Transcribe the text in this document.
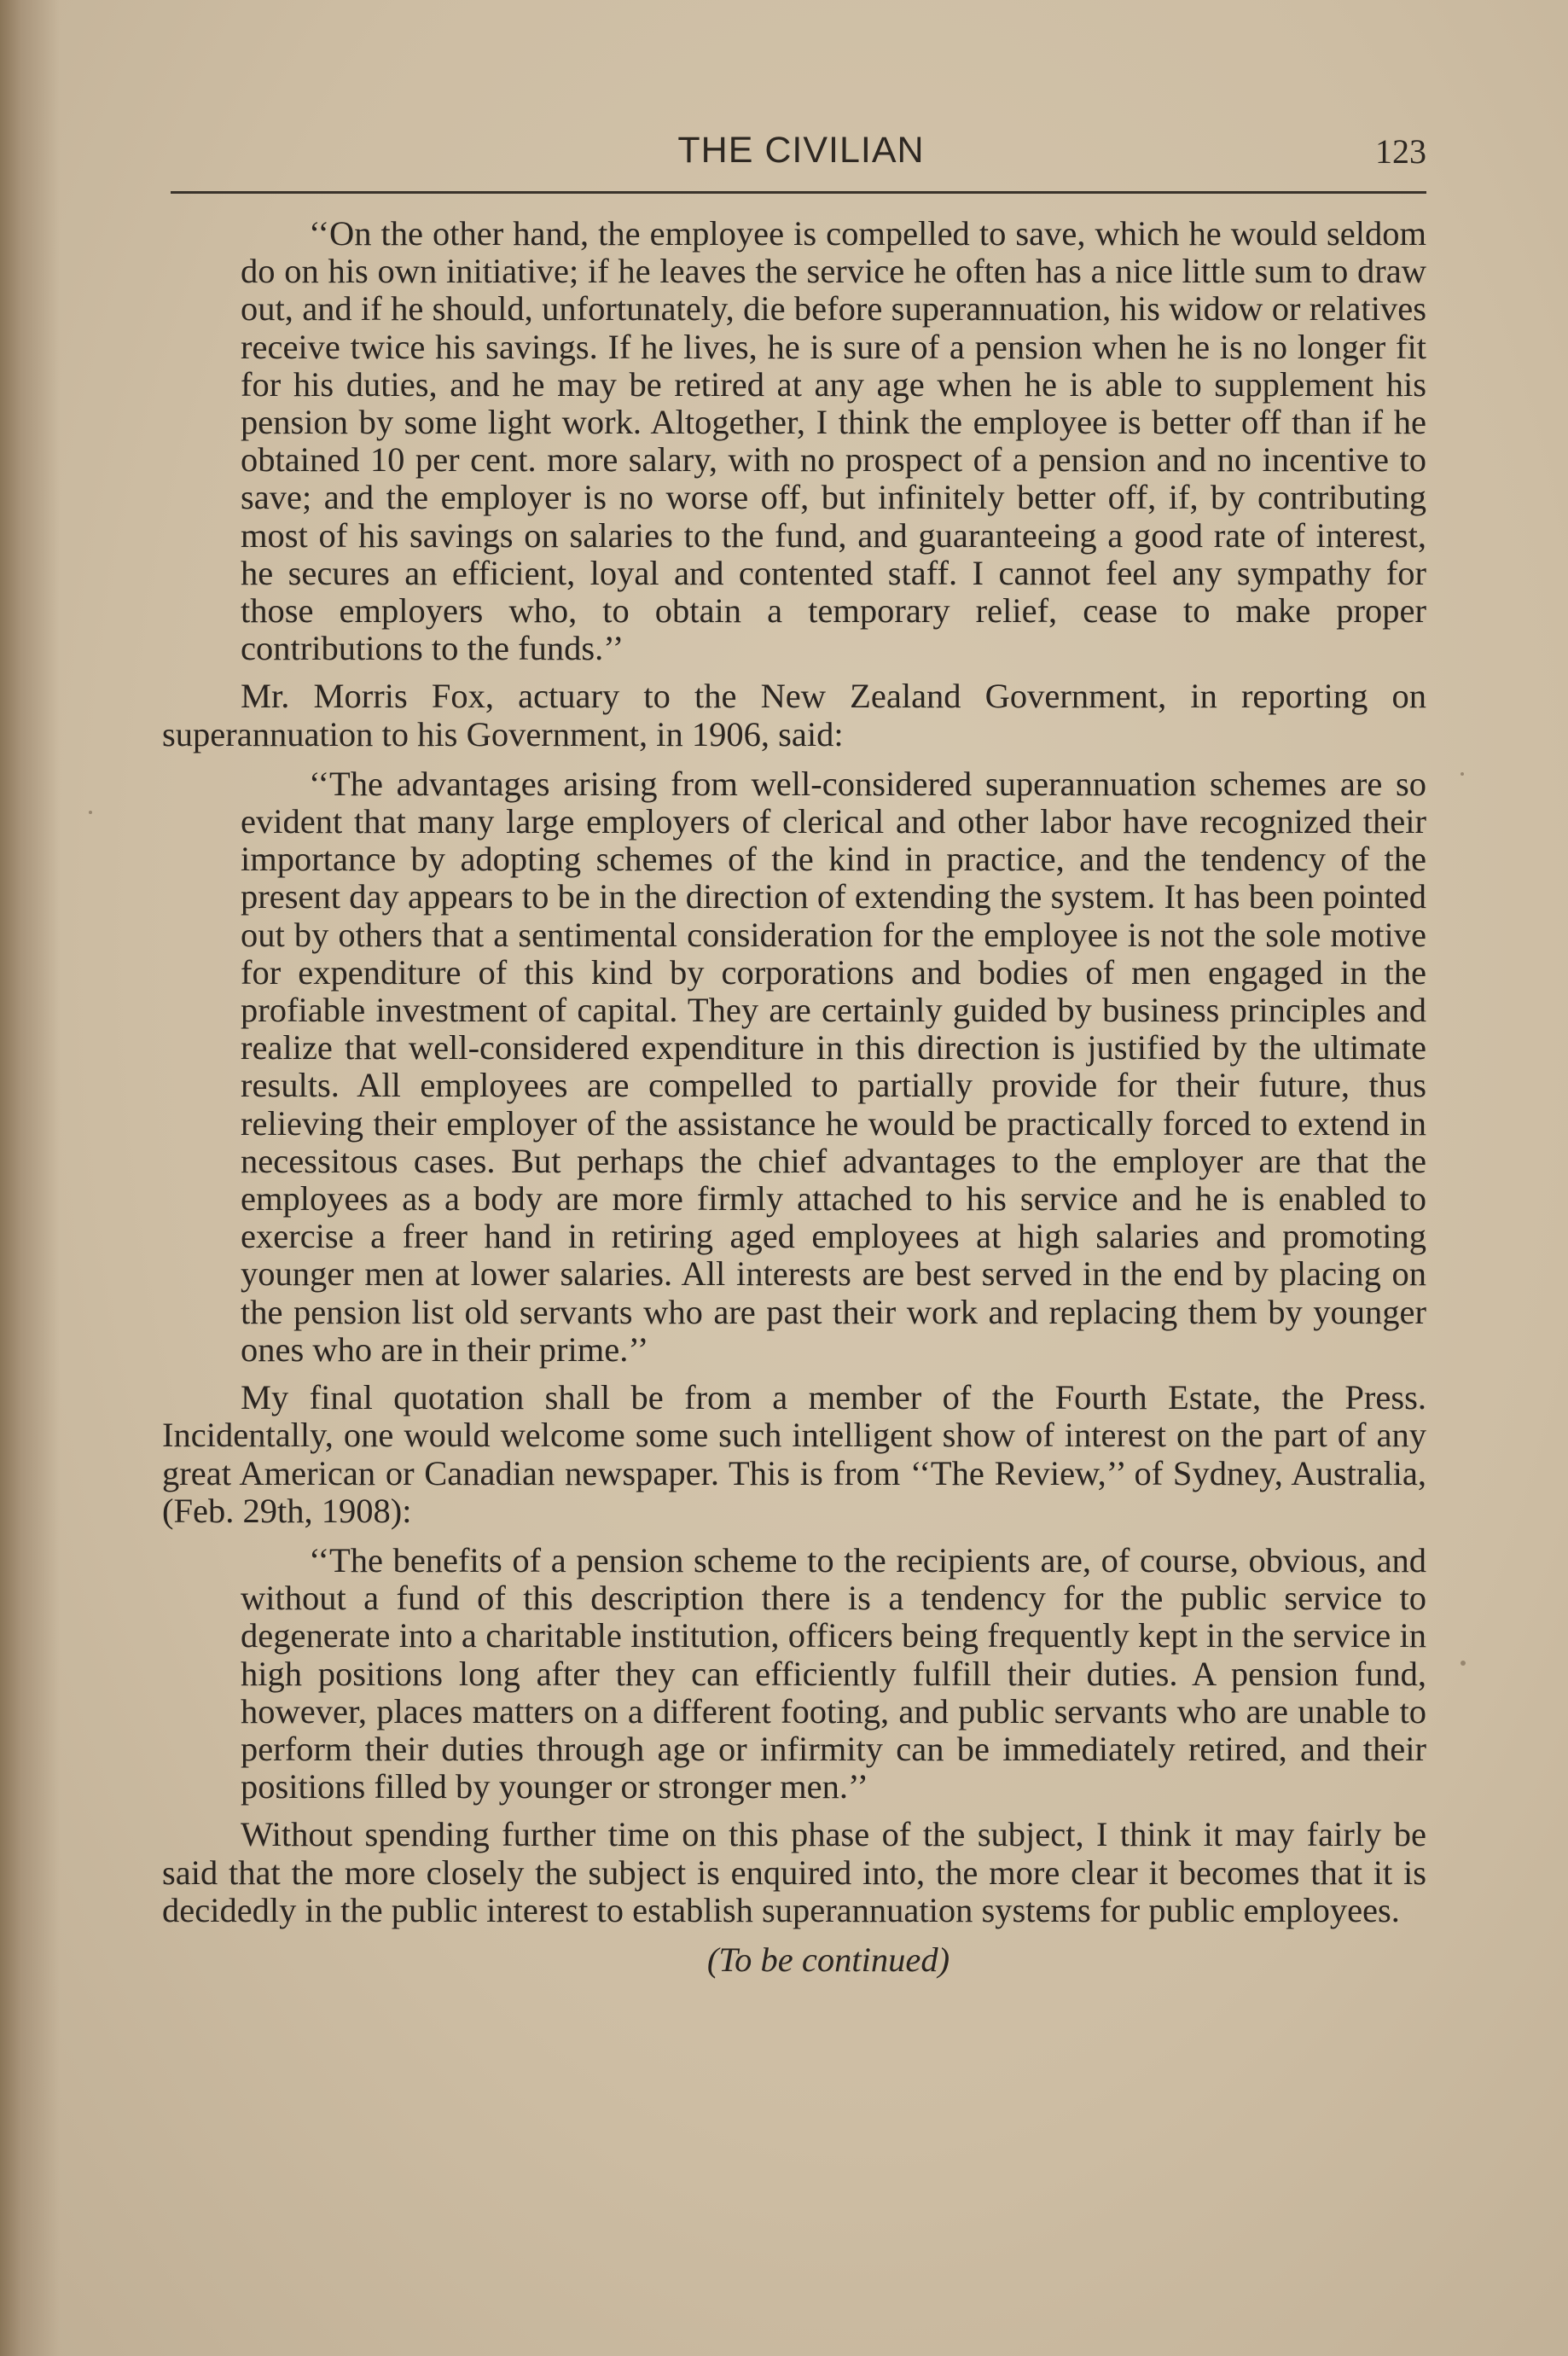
THE CIVILIAN	123

‘‘On the other hand, the employee is compelled to save, which he would seldom do on his own initiative; if he leaves the service he often has a nice little sum to draw out, and if he should, unfortunately, die before superannuation, his widow or relatives receive twice his savings. If he lives, he is sure of a pension when he is no longer fit for his duties, and he may be retired at any age when he is able to supplement his pension by some light work. Altogether, I think the employee is better off than if he obtained 10 per cent. more salary, with no prospect of a pension and no incentive to save; and the employer is no worse off, but infinitely better off, if, by contributing most of his savings on salaries to the fund, and guaranteeing a good rate of interest, he secures an efficient, loyal and contented staff. I cannot feel any sympathy for those employers who, to obtain a temporary relief, cease to make proper contributions to the funds.’’

Mr. Morris Fox, actuary to the New Zealand Government, in reporting on superannuation to his Government, in 1906, said:

‘‘The advantages arising from well-considered superannuation schemes are so evident that many large employers of clerical and other labor have recognized their importance by adopting schemes of the kind in practice, and the tendency of the present day appears to be in the direction of extending the system. It has been pointed out by others that a sentimental consideration for the employee is not the sole motive for expenditure of this kind by corporations and bodies of men engaged in the profiable investment of capital. They are certainly guided by business principles and realize that well-considered expenditure in this direction is justified by the ultimate results. All employees are compelled to partially provide for their future, thus relieving their employer of the assistance he would be practically forced to extend in necessitous cases. But perhaps the chief advantages to the employer are that the employees as a body are more firmly attached to his service and he is enabled to exercise a freer hand in retiring aged employees at high salaries and promoting younger men at lower salaries. All interests are best served in the end by placing on the pension list old servants who are past their work and replacing them by younger ones who are in their prime.’’

My final quotation shall be from a member of the Fourth Estate, the Press. Incidentally, one would welcome some such intelligent show of interest on the part of any great American or Canadian newspaper. This is from ‘‘The Review,’’ of Sydney, Australia, (Feb. 29th, 1908):

‘‘The benefits of a pension scheme to the recipients are, of course, obvious, and without a fund of this description there is a tendency for the public service to degenerate into a charitable institution, officers being frequently kept in the service in high positions long after they can efficiently fulfill their duties. A pension fund, however, places matters on a different footing, and public servants who are unable to perform their duties through age or infirmity can be immediately retired, and their positions filled by younger or stronger men.’’

Without spending further time on this phase of the subject, I think it may fairly be said that the more closely the subject is enquired into, the more clear it becomes that it is decidedly in the public interest to establish superannuation systems for public employees.

(To be continued)
